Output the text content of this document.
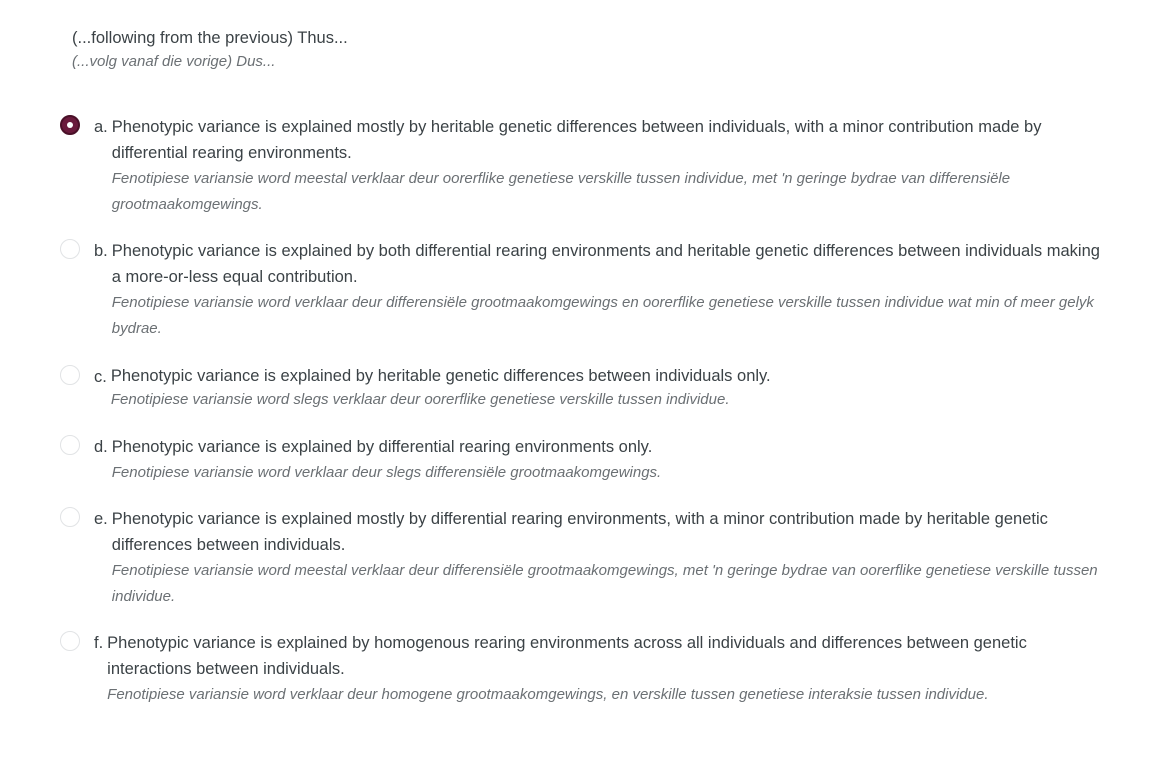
(...following from the previous) Thus...
(...volg vanaf die vorige) Dus...
a. Phenotypic variance is explained mostly by heritable genetic differences between individuals, with a minor contribution made by differential rearing environments.
Fenotipiese variansie word meestal verklaar deur oorerflike genetiese verskille tussen individue, met 'n geringe bydrae van differensiële grootmaakomgewings.
b. Phenotypic variance is explained by both differential rearing environments and heritable genetic differences between individuals making a more-or-less equal contribution.
Fenotipiese variansie word verklaar deur differensiële grootmaakomgewings en oorerflike genetiese verskille tussen individue wat min of meer gelyk bydrae.
c. Phenotypic variance is explained by heritable genetic differences between individuals only.
Fenotipiese variansie word slegs verklaar deur oorerflike genetiese verskille tussen individue.
d. Phenotypic variance is explained by differential rearing environments only.
Fenotipiese variansie word verklaar deur slegs differensiële grootmaakomgewings.
e. Phenotypic variance is explained mostly by differential rearing environments, with a minor contribution made by heritable genetic differences between individuals.
Fenotipiese variansie word meestal verklaar deur differensiële grootmaakomgewings, met 'n geringe bydrae van oorerflike genetiese verskille tussen individue.
f. Phenotypic variance is explained by homogenous rearing environments across all individuals and differences between genetic interactions between individuals.
Fenotipiese variansie word verklaar deur homogene grootmaakomgewings, en verskille tussen genetiese interaksie tussen individue.
